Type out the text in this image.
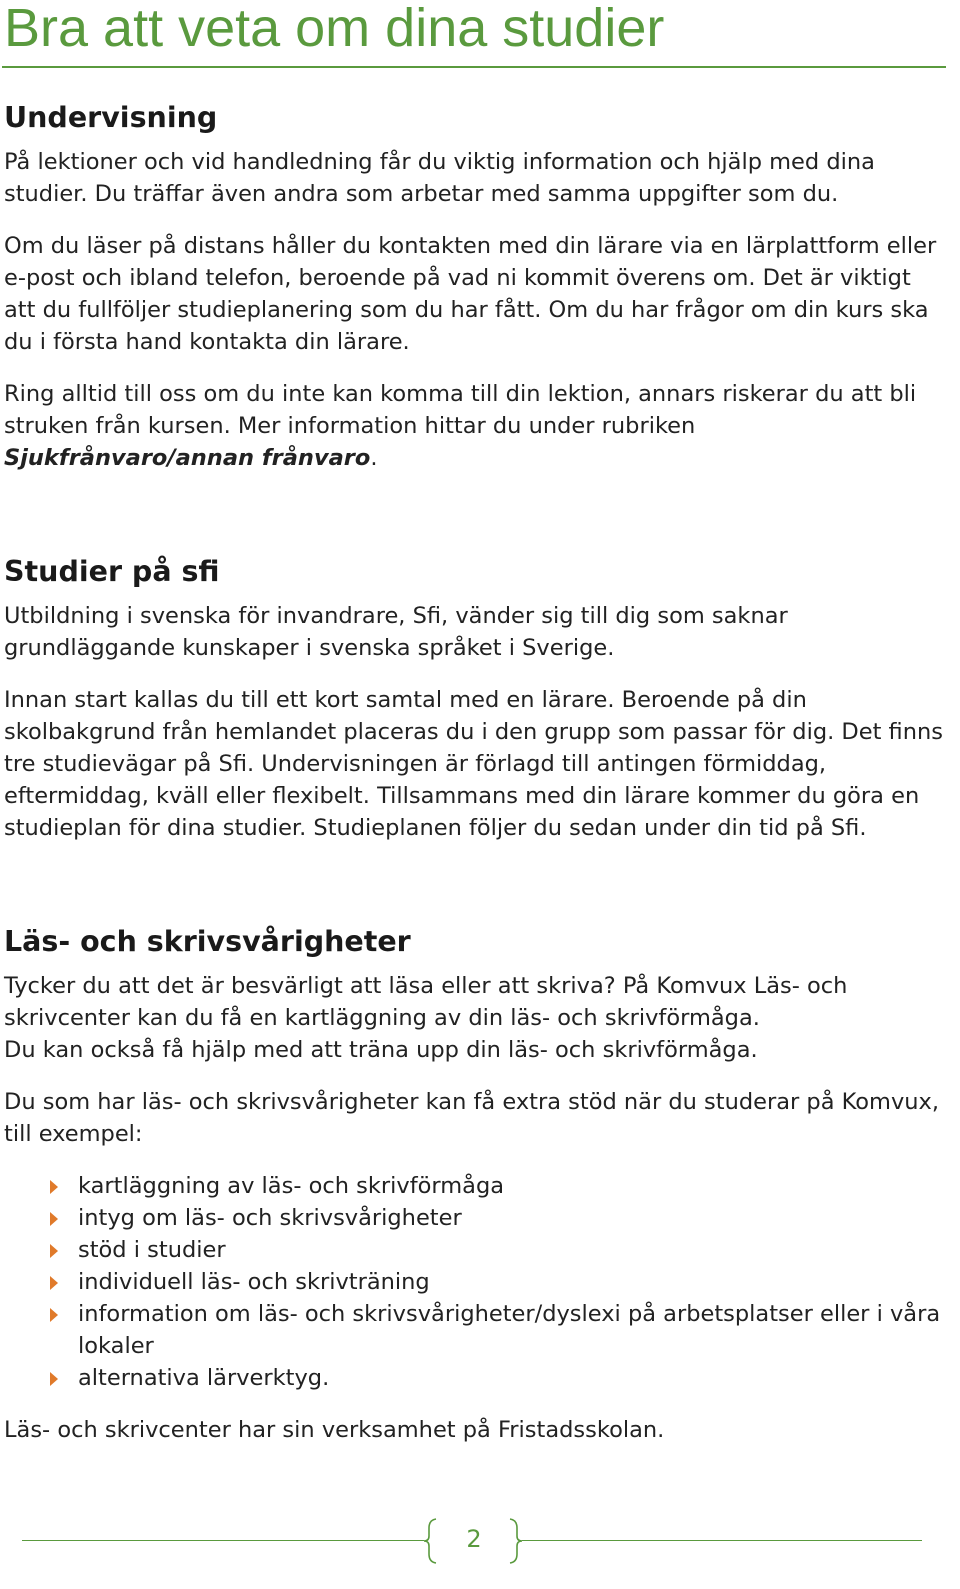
Bra att veta om dina studier
Undervisning

På lektioner och vid handledning får du viktig information och hjälp med dina studier. Du träffar även andra som arbetar med samma uppgifter som du.

Om du läser på distans håller du kontakten med din lärare via en lärplattform eller e-post och ibland telefon, beroende på vad ni kommit överens om. Det är viktigt att du fullföljer studieplanering som du har fått. Om du har frågor om din kurs ska du i första hand kontakta din lärare.

Ring alltid till oss om du inte kan komma till din lektion, annars riskerar du att bli struken från kursen. Mer information hittar du under rubriken Sjukfrånvaro/annan frånvaro.

Studier på sfi

Utbildning i svenska för invandrare, Sfi, vänder sig till dig som saknar grundläggande kunskaper i svenska språket i Sverige.

Innan start kallas du till ett kort samtal med en lärare. Beroende på din skolbakgrund från hemlandet placeras du i den grupp som passar för dig. Det finns tre studievägar på Sfi. Undervisningen är förlagd till antingen förmiddag, eftermiddag, kväll eller flexibelt. Tillsammans med din lärare kommer du göra en studieplan för dina studier. Studieplanen följer du sedan under din tid på Sfi.

Läs- och skrivsvårigheter

Tycker du att det är besvärligt att läsa eller att skriva? På Komvux Läs- och skrivcenter kan du få en kartläggning av din läs- och skrivförmåga.

Du kan också få hjälp med att träna upp din läs- och skrivförmåga.

Du som har läs- och skrivsvårigheter kan få extra stöd när du studerar på Komvux, till exempel:

kartläggning av läs- och skrivförmåga
intyg om läs- och skrivsvårigheter
stöd i studier
individuell läs- och skrivträning
information om läs- och skrivsvårigheter/dyslexi på arbetsplatser eller i våra lokaler
alternativa lärverktyg.

Läs- och skrivcenter har sin verksamhet på Fristadsskolan.

2
